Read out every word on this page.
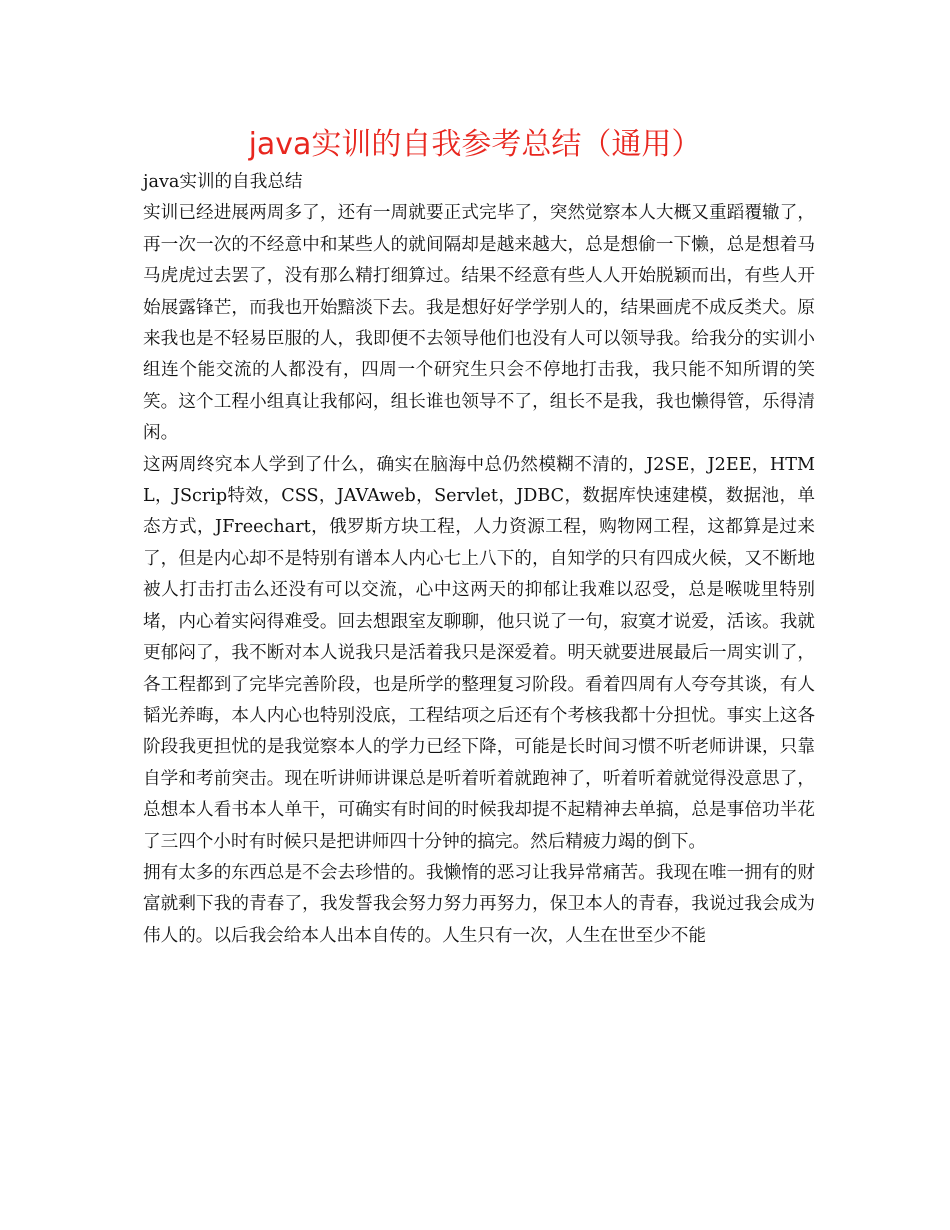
java实训的自我参考总结（通用）

java实训的自我总结

实训已经进展两周多了，还有一周就要正式完毕了，突然觉察本人大概又重蹈覆辙了，再一次一次的不经意中和某些人的就间隔却是越来越大，总是想偷一下懒，总是想着马马虎虎过去罢了，没有那么精打细算过。结果不经意有些人人开始脱颖而出，有些人开始展露锋芒，而我也开始黯淡下去。我是想好好学学别人的，结果画虎不成反类犬。原来我也是不轻易臣服的人，我即便不去领导他们也没有人可以领导我。给我分的实训小组连个能交流的人都没有，四周一个研究生只会不停地打击我，我只能不知所谓的笑笑。这个工程小组真让我郁闷，组长谁也领导不了，组长不是我，我也懒得管，乐得清闲。

这两周终究本人学到了什么，确实在脑海中总仍然模糊不清的，J2SE，J2EE，HTML，JScrip特效，CSS，JAVAweb，Servlet，JDBC，数据库快速建模，数据池，单态方式，JFreechart，俄罗斯方块工程，人力资源工程，购物网工程，这都算是过来了，但是内心却不是特别有谱本人内心七上八下的，自知学的只有四成火候，又不断地被人打击打击么还没有可以交流，心中这两天的抑郁让我难以忍受，总是喉咙里特别堵，内心着实闷得难受。回去想跟室友聊聊，他只说了一句，寂寞才说爱，活该。我就更郁闷了，我不断对本人说我只是活着我只是深爱着。明天就要进展最后一周实训了，各工程都到了完毕完善阶段，也是所学的整理复习阶段。看着四周有人夸夸其谈，有人韬光养晦，本人内心也特别没底，工程结项之后还有个考核我都十分担忧。事实上这各阶段我更担忧的是我觉察本人的学力已经下降，可能是长时间习惯不听老师讲课，只靠自学和考前突击。现在听讲师讲课总是听着听着就跑神了，听着听着就觉得没意思了，总想本人看书本人单干，可确实有时间的时候我却提不起精神去单搞，总是事倍功半花了三四个小时有时候只是把讲师四十分钟的搞完。然后精疲力竭的倒下。

拥有太多的东西总是不会去珍惜的。我懒惰的恶习让我异常痛苦。我现在唯一拥有的财富就剩下我的青春了，我发誓我会努力努力再努力，保卫本人的青春，我说过我会成为伟人的。以后我会给本人出本自传的。人生只有一次，人生在世至少不能
